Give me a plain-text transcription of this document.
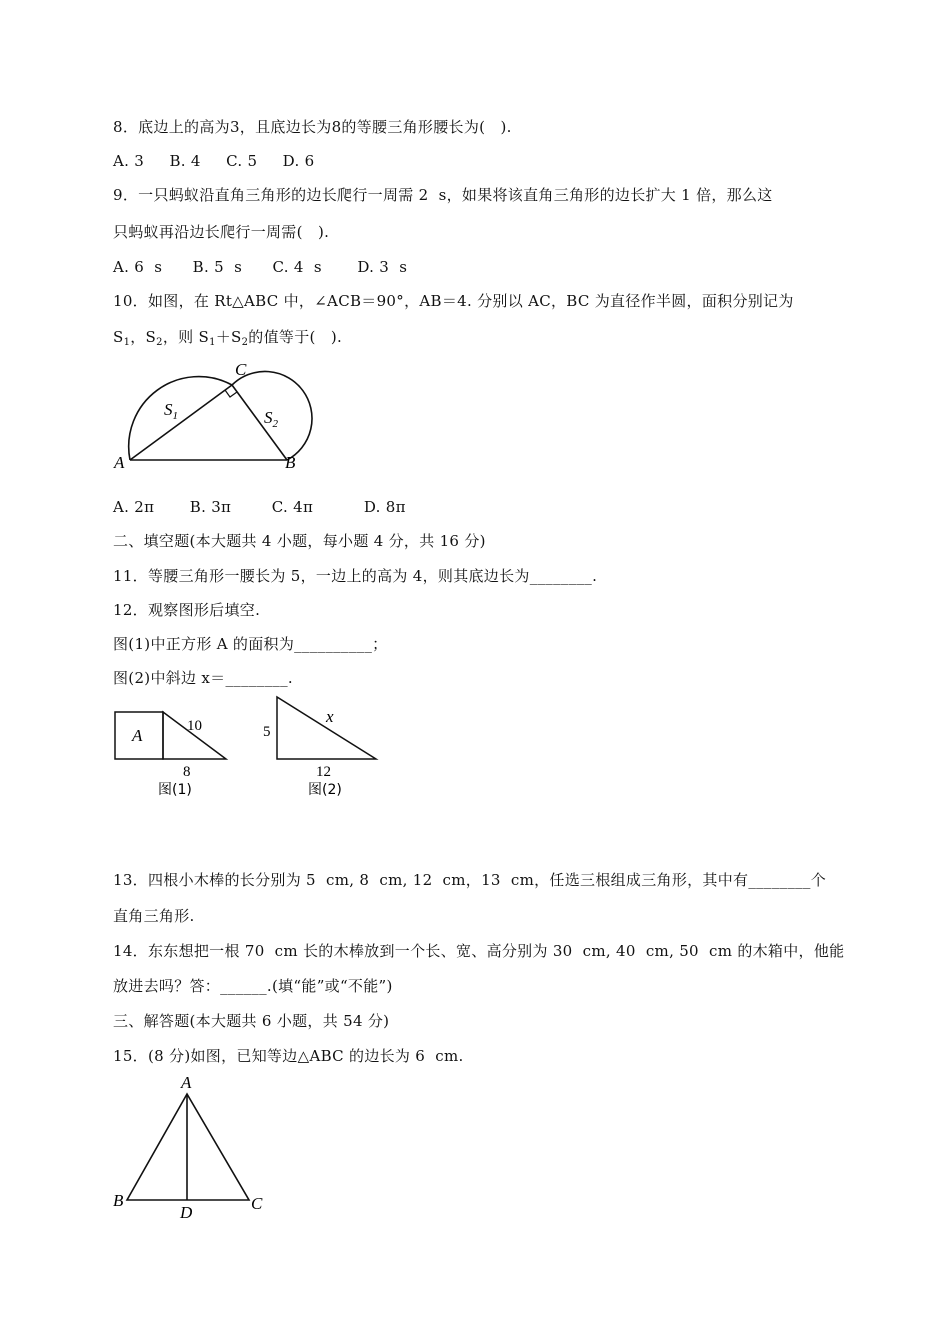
8．底边上的高为3，且底边长为8的等腰三角形腰长为(   ).
A. 3     B. 4     C. 5     D. 6
9．一只蚂蚁沿直角三角形的边长爬行一周需 2  s，如果将该直角三角形的边长扩大 1 倍，那么这
只蚂蚁再沿边长爬行一周需(   ).
A. 6  s      B. 5  s      C. 4  s       D. 3  s
10．如图，在 Rt△ABC 中，∠ACB＝90°，AB＝4. 分别以 AC，BC 为直径作半圆，面积分别记为
$S_1$，$S_2$，则 $S_1+S_2$的值等于(   ).
A	B
C
$S_1$	$S_2$
A. 2π       B. 3π        C. 4π          D. 8π
二、填空题(本大题共 4 小题，每小题 4 分，共 16 分)
11．等腰三角形一腰长为 5，一边上的高为 4，则其底边长为________.
12．观察图形后填空.
图(1)中正方形 A 的面积为__________；
图(2)中斜边 x＝________.
A	10
8
图(1)
5
x
12
图(2)
13．四根小木棒的长分别为 5  cm, 8  cm, 12  cm，13  cm，任选三根组成三角形，其中有________个
直角三角形.
14．东东想把一根 70  cm 长的木棒放到一个长、宽、高分别为 30  cm, 40  cm, 50  cm 的木箱中，他能
放进去吗？答：______.(填“能”或“不能”)
三、解答题(本大题共 6 小题，共 54 分)
15．(8 分)如图，已知等边△ABC 的边长为 6  cm.
A
B	C
D
